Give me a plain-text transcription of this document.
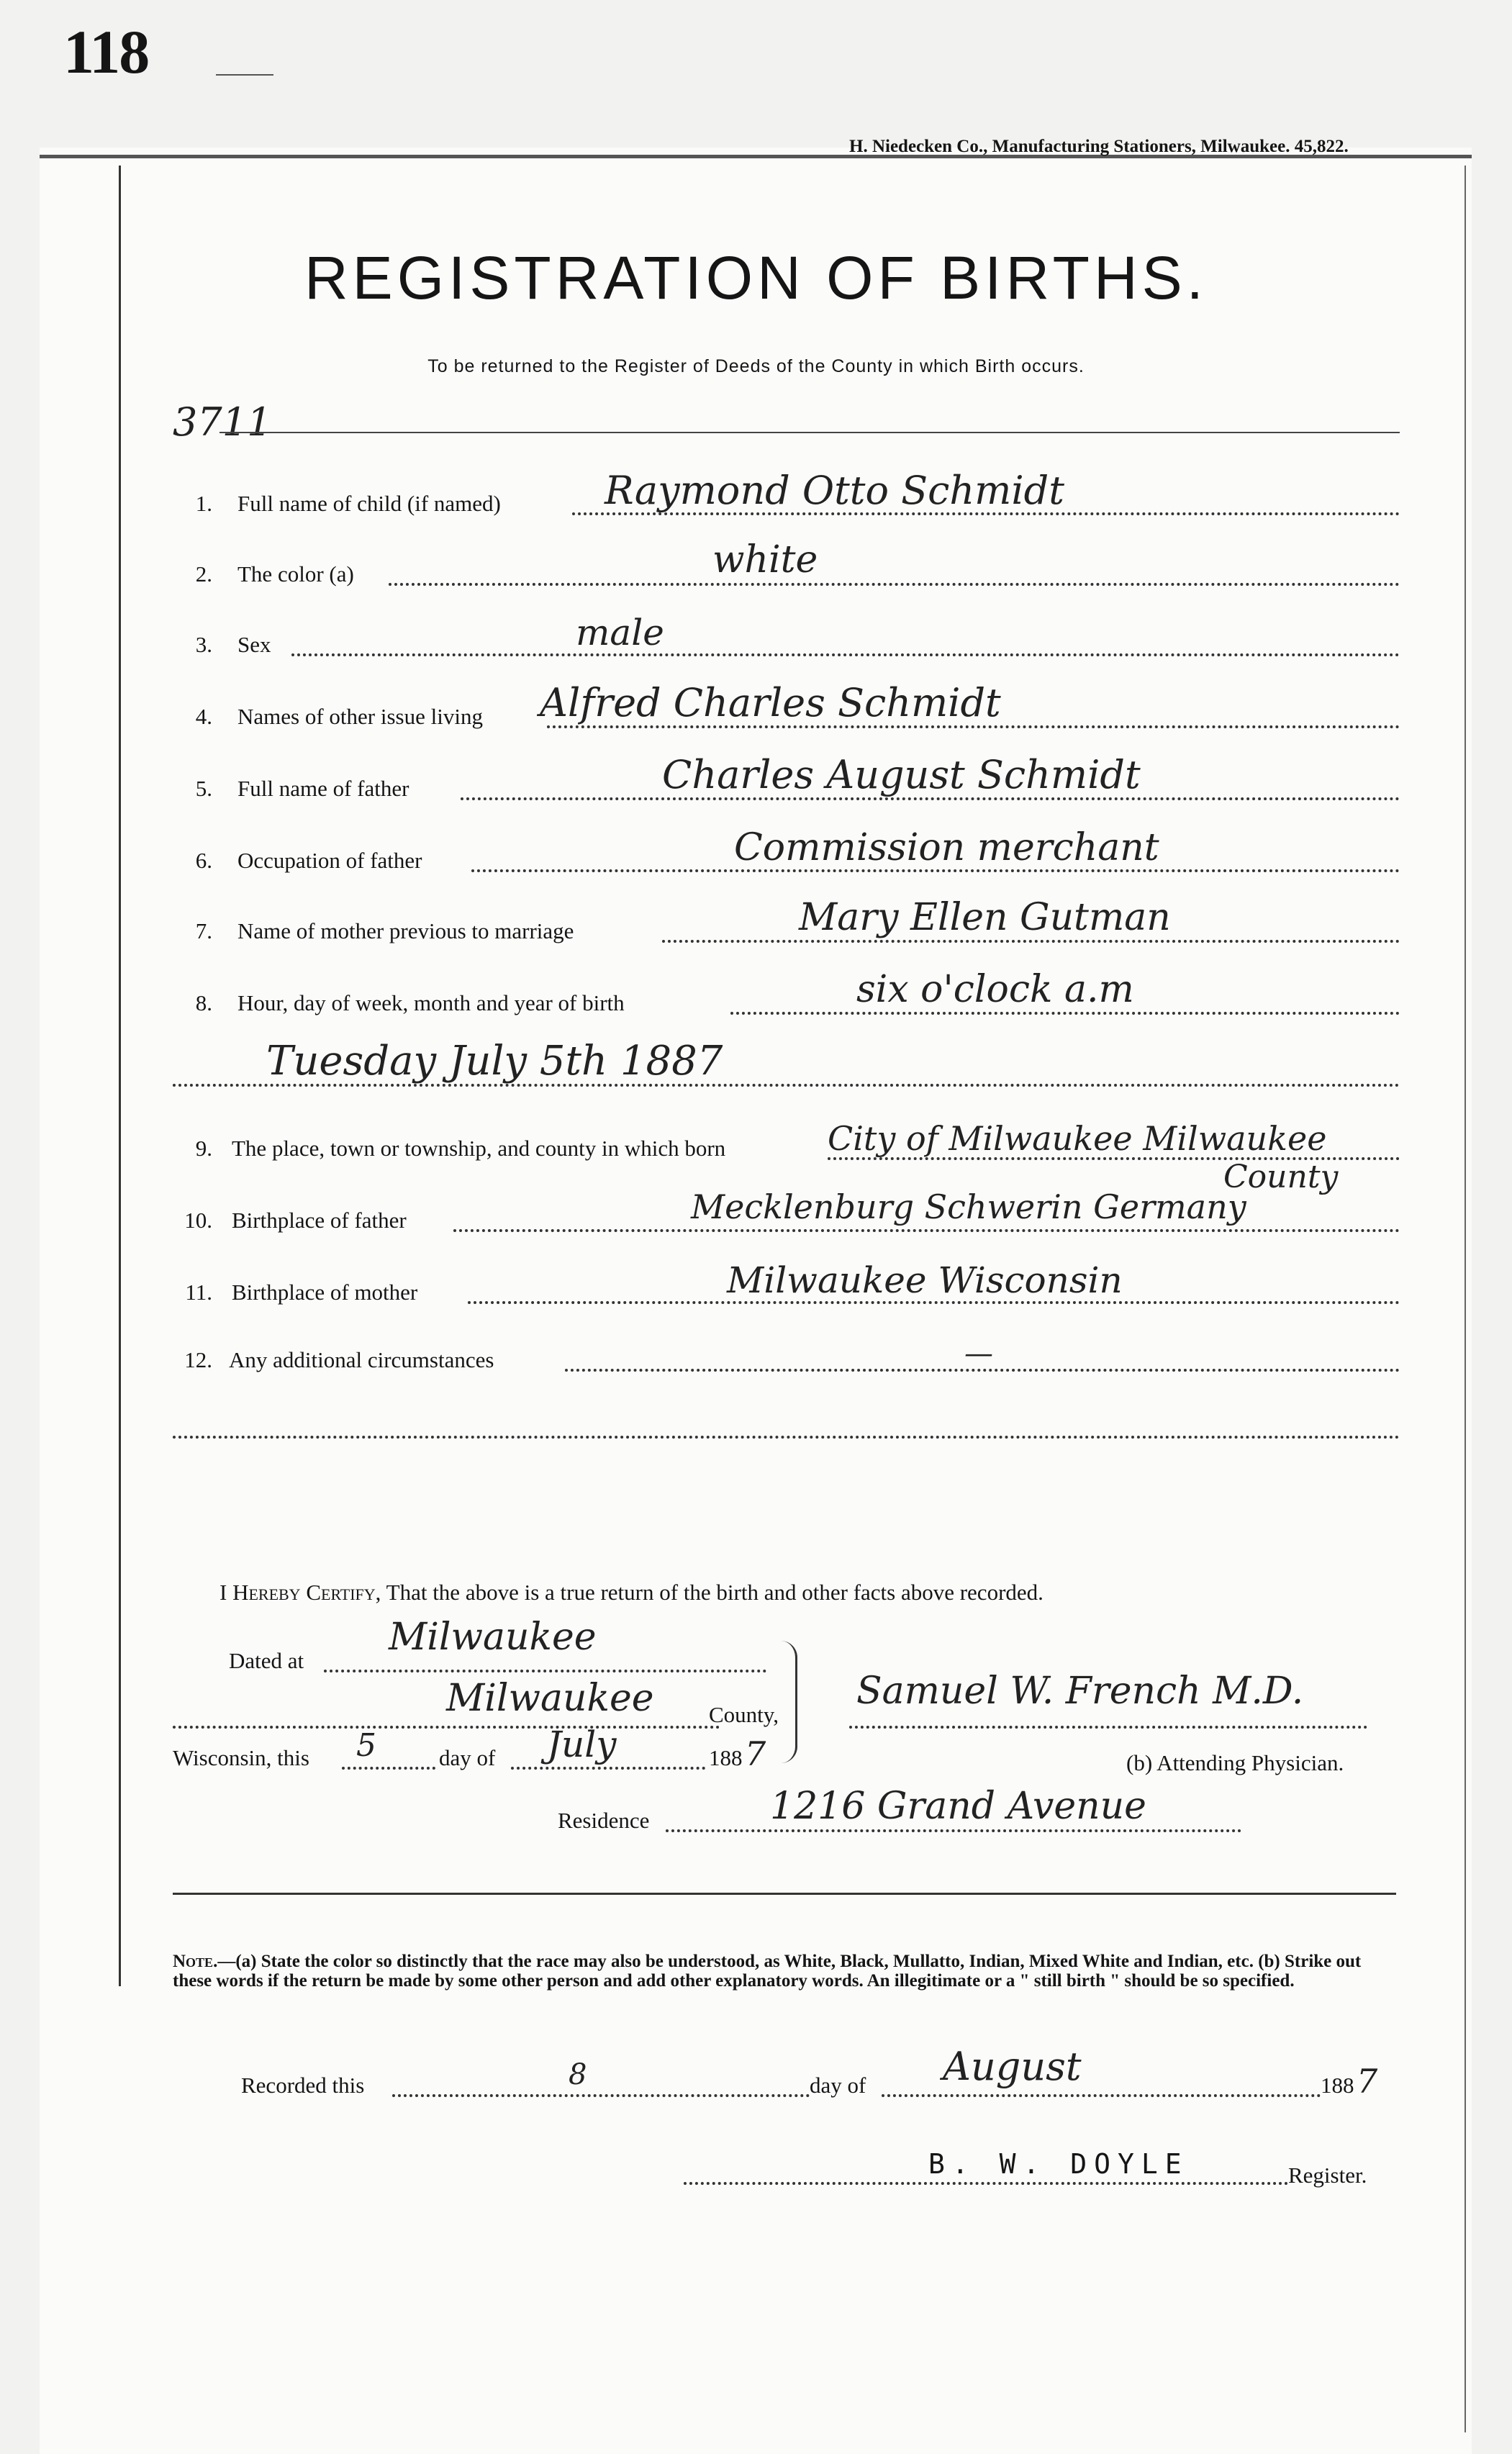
118
H. Niedecken Co., Manufacturing Stationers, Milwaukee. 45,822.
REGISTRATION OF BIRTHS.
To be returned to the Register of Deeds of the County in which Birth occurs.
3711
1. Full name of child (if named)	Raymond Otto Schmidt
2. The color (a)	white
3. Sex	male
4. Names of other issue living Alfred Charles Schmidt
5. Full name of father	Charles August Schmidt
6. Occupation of father	Commission merchant
7. Name of mother previous to marriage	Mary Ellen Gutman
8. Hour, day of week, month and year of birth	six o'clock a.m
Tuesday July 5th 1887
9. The place, town or township, and county in which born	City of Milwaukee Milwaukee
County
10. Birthplace of father	Mecklenburg Schwerin Germany
11. Birthplace of mother	Milwaukee Wisconsin
12. Any additional circumstances	—
I Hereby Certify, That the above is a true return of the birth and other facts above recorded.
Dated at
Milwaukee
Milwaukee County,
Wisconsin, this 5	day of July	188 7
Samuel W. French M.D.
(b) Attending Physician.
Residence	1216 Grand Avenue
Note.—(a) State the color so distinctly that the race may also be understood, as White, Black, Mullatto, Indian, Mixed White and Indian, etc. (b) Strike out these words if the return be made by some other person and add other explanatory words. An illegitimate or a " still birth " should be so specified.
Recorded this	8	day of August	188 7
B. W. DOYLE	Register.
